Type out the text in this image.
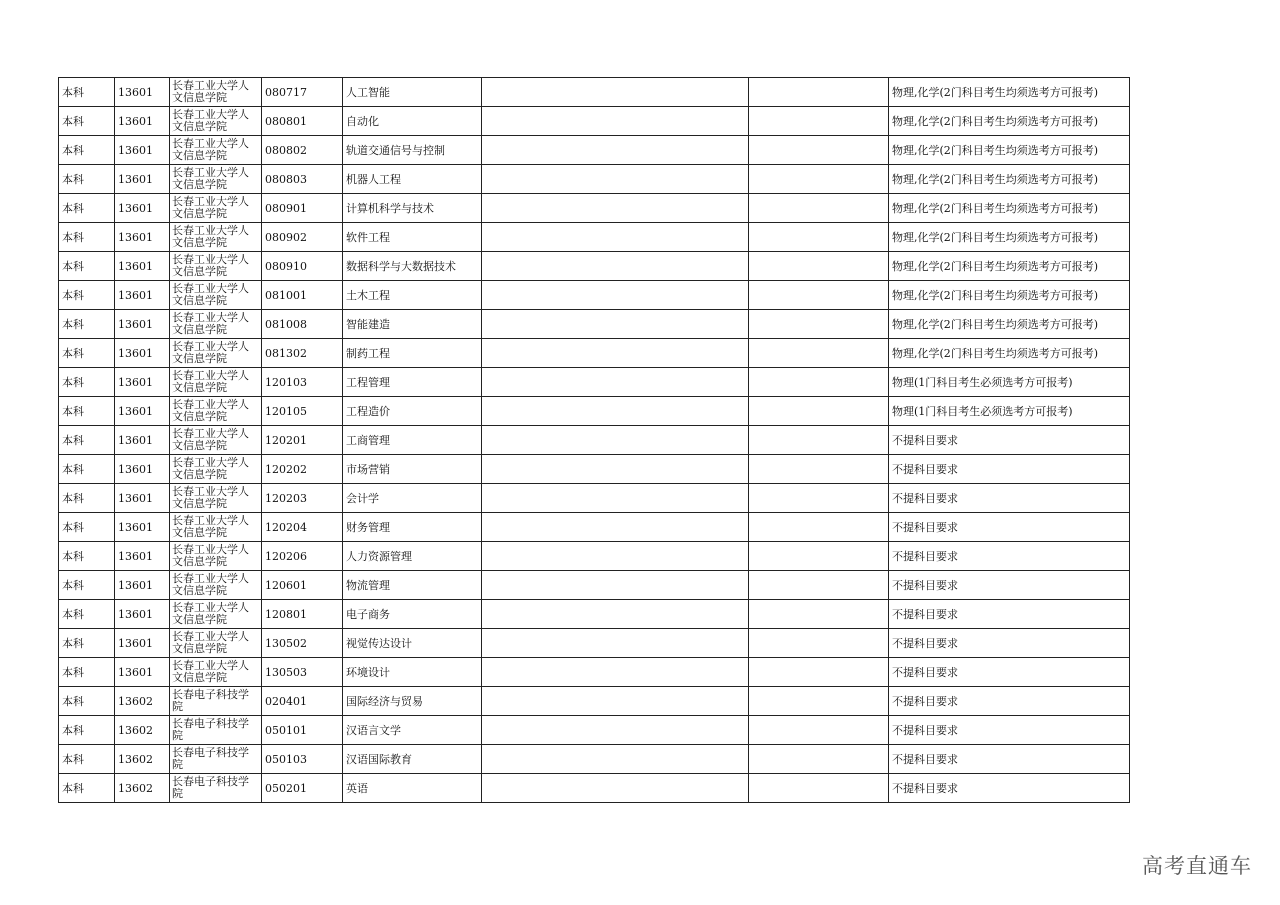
本科	13601	长春工业大学人文信息学院	080717	人工智能			物理,化学(2门科目考生均须选考方可报考)
本科	13601	长春工业大学人文信息学院	080801	自动化			物理,化学(2门科目考生均须选考方可报考)
本科	13601	长春工业大学人文信息学院	080802	轨道交通信号与控制			物理,化学(2门科目考生均须选考方可报考)
本科	13601	长春工业大学人文信息学院	080803	机器人工程			物理,化学(2门科目考生均须选考方可报考)
本科	13601	长春工业大学人文信息学院	080901	计算机科学与技术			物理,化学(2门科目考生均须选考方可报考)
本科	13601	长春工业大学人文信息学院	080902	软件工程			物理,化学(2门科目考生均须选考方可报考)
本科	13601	长春工业大学人文信息学院	080910	数据科学与大数据技术			物理,化学(2门科目考生均须选考方可报考)
本科	13601	长春工业大学人文信息学院	081001	土木工程			物理,化学(2门科目考生均须选考方可报考)
本科	13601	长春工业大学人文信息学院	081008	智能建造			物理,化学(2门科目考生均须选考方可报考)
本科	13601	长春工业大学人文信息学院	081302	制药工程			物理,化学(2门科目考生均须选考方可报考)
本科	13601	长春工业大学人文信息学院	120103	工程管理			物理(1门科目考生必须选考方可报考)
本科	13601	长春工业大学人文信息学院	120105	工程造价			物理(1门科目考生必须选考方可报考)
本科	13601	长春工业大学人文信息学院	120201	工商管理			不提科目要求
本科	13601	长春工业大学人文信息学院	120202	市场营销			不提科目要求
本科	13601	长春工业大学人文信息学院	120203	会计学			不提科目要求
本科	13601	长春工业大学人文信息学院	120204	财务管理			不提科目要求
本科	13601	长春工业大学人文信息学院	120206	人力资源管理			不提科目要求
本科	13601	长春工业大学人文信息学院	120601	物流管理			不提科目要求
本科	13601	长春工业大学人文信息学院	120801	电子商务			不提科目要求
本科	13601	长春工业大学人文信息学院	130502	视觉传达设计			不提科目要求
本科	13601	长春工业大学人文信息学院	130503	环境设计			不提科目要求
本科	13602	长春电子科技学院	020401	国际经济与贸易			不提科目要求
本科	13602	长春电子科技学院	050101	汉语言文学			不提科目要求
本科	13602	长春电子科技学院	050103	汉语国际教育			不提科目要求
本科	13602	长春电子科技学院	050201	英语			不提科目要求
高考直通车
